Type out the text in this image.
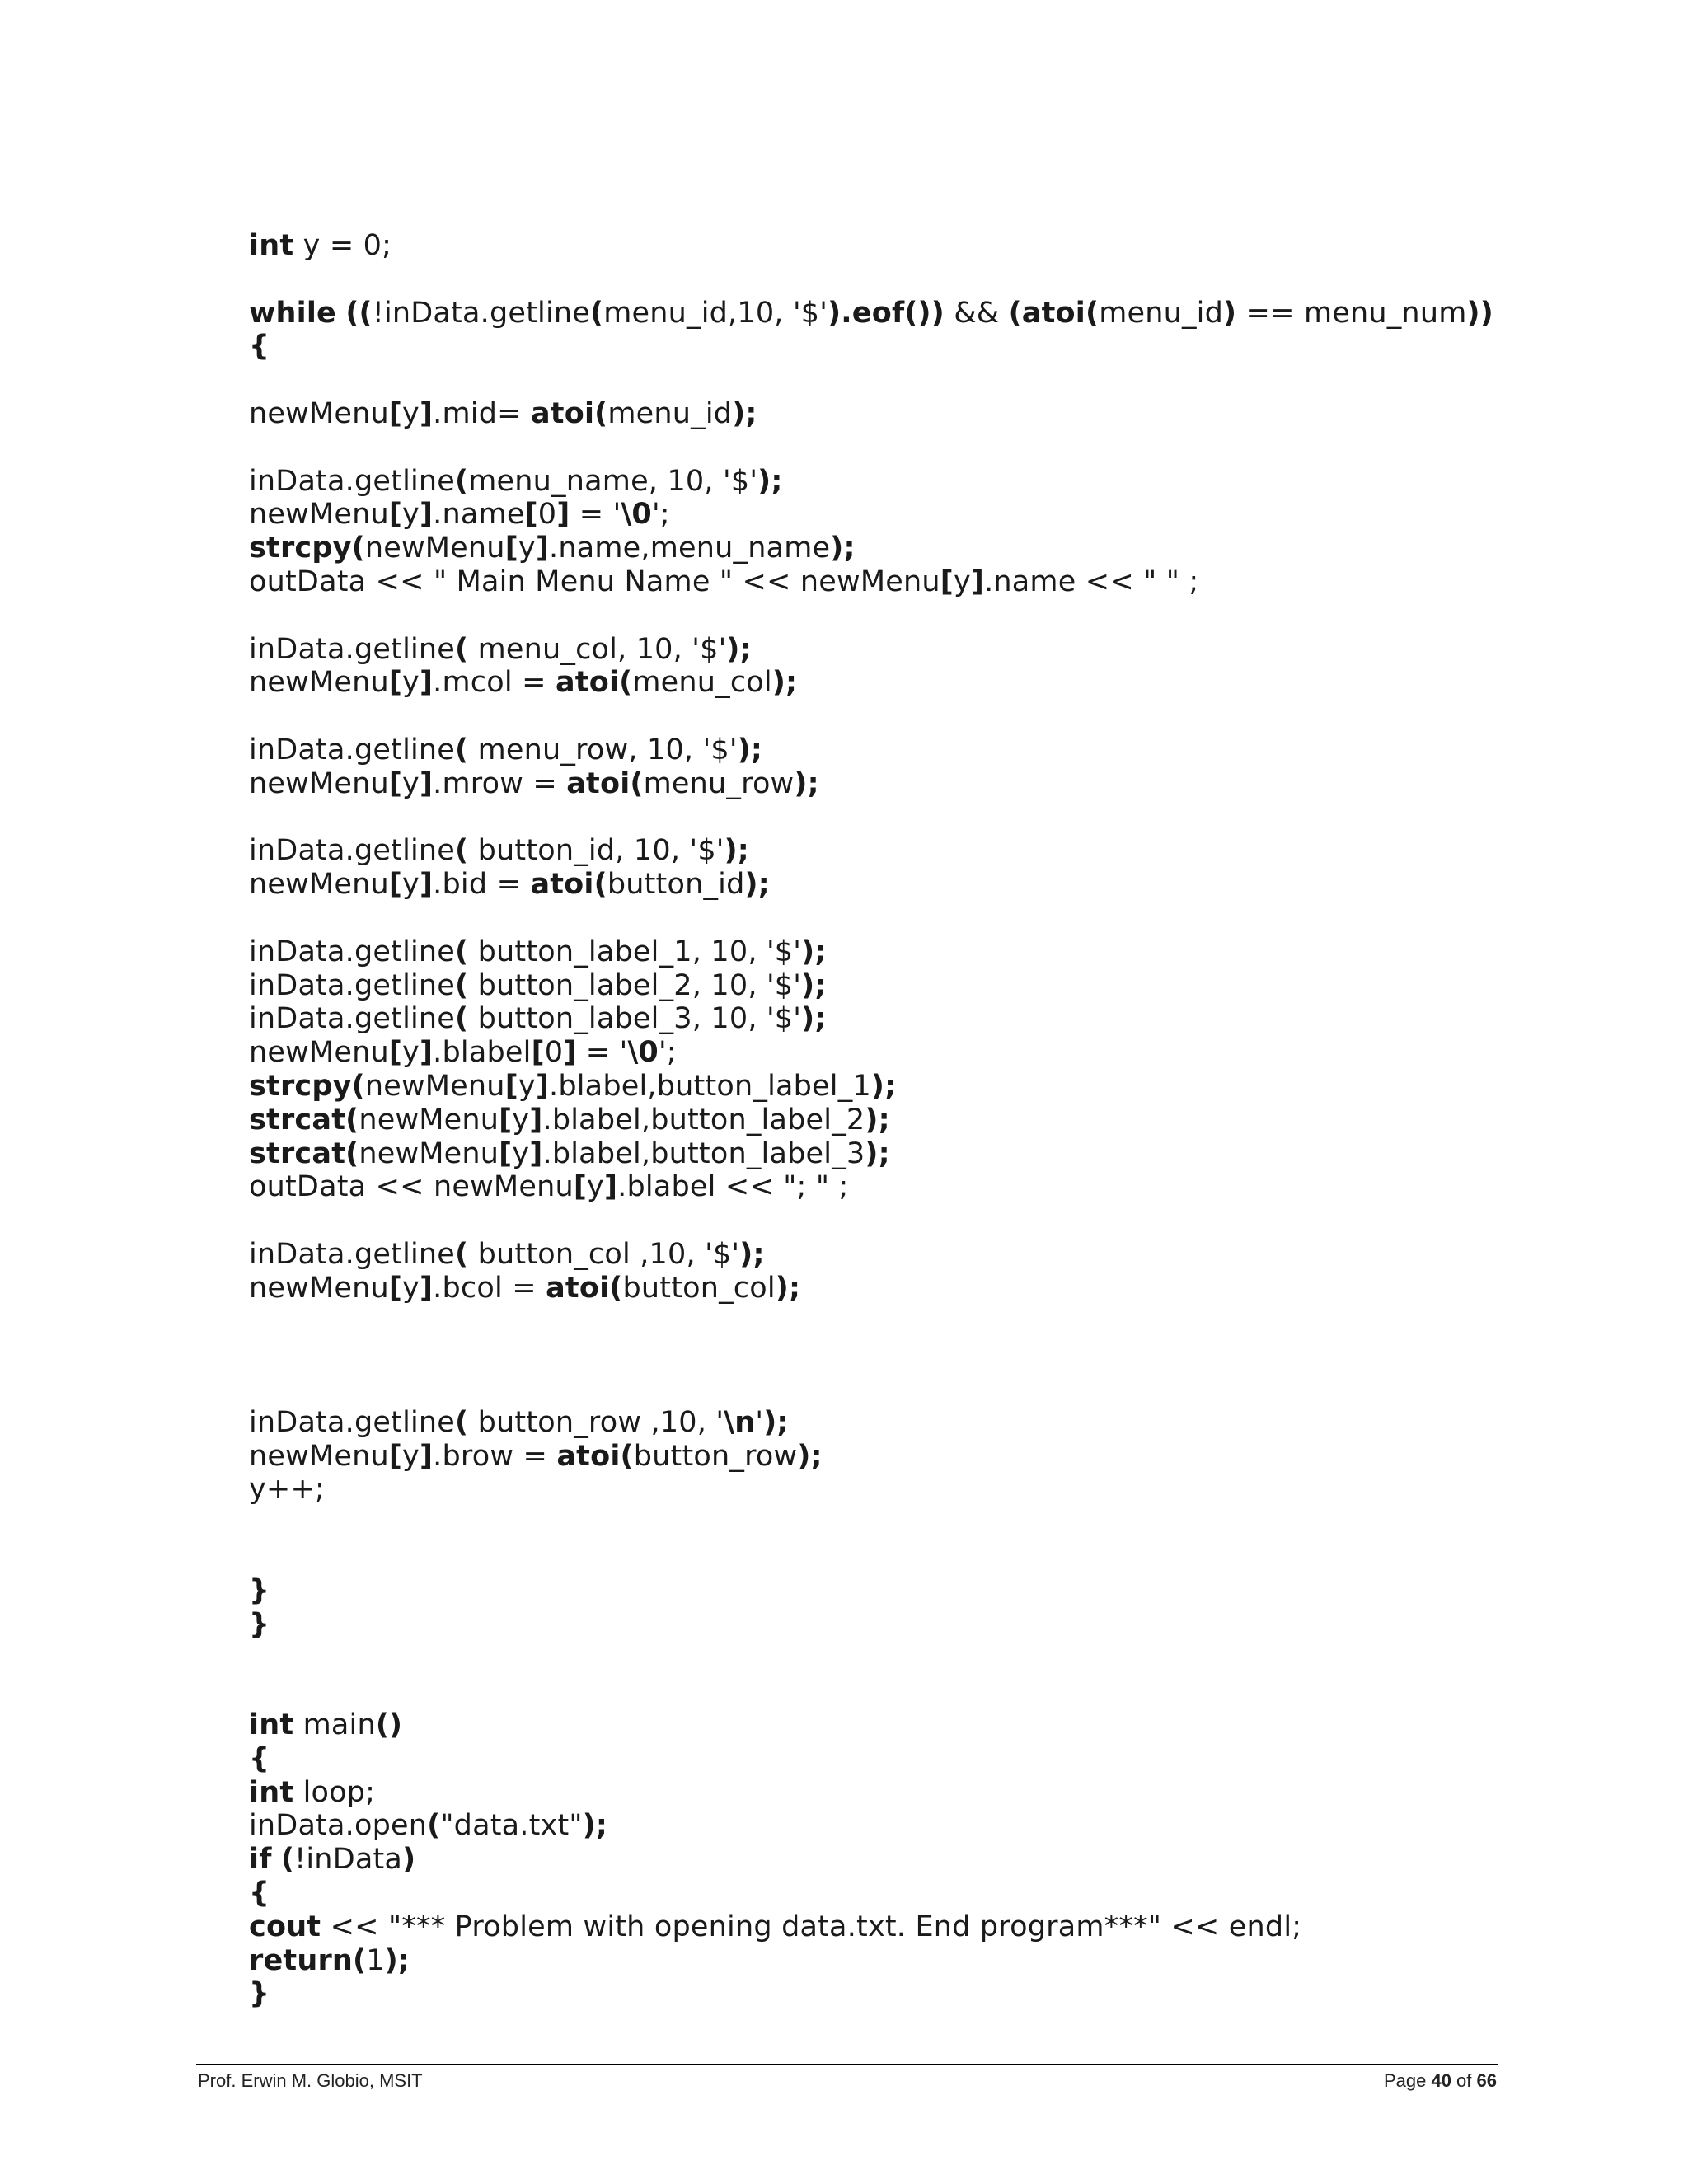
int y = 0;
while ((!inData.getline(menu_id,10, '$').eof()) && (atoi(menu_id) == menu_num))
{
newMenu[y].mid= atoi(menu_id);
inData.getline(menu_name, 10, '$');
newMenu[y].name[0] = '\0';
strcpy(newMenu[y].name,menu_name);
outData << " Main Menu Name " << newMenu[y].name << " " ;
inData.getline( menu_col, 10, '$');
newMenu[y].mcol = atoi(menu_col);
inData.getline( menu_row, 10, '$');
newMenu[y].mrow = atoi(menu_row);
inData.getline( button_id, 10, '$');
newMenu[y].bid = atoi(button_id);
inData.getline( button_label_1, 10, '$');
inData.getline( button_label_2, 10, '$');
inData.getline( button_label_3, 10, '$');
newMenu[y].blabel[0] = '\0';
strcpy(newMenu[y].blabel,button_label_1);
strcat(newMenu[y].blabel,button_label_2);
strcat(newMenu[y].blabel,button_label_3);
outData << newMenu[y].blabel << "; " ;
inData.getline( button_col ,10, '$');
newMenu[y].bcol = atoi(button_col);
inData.getline( button_row ,10, '\n');
newMenu[y].brow = atoi(button_row);
y++;
}
}
int main()
{
int loop;
inData.open("data.txt");
if (!inData)
{
cout << "*** Problem with opening data.txt. End program***" << endl;
return(1);
}
Prof. Erwin M. Globio, MSIT	Page 40 of 66
